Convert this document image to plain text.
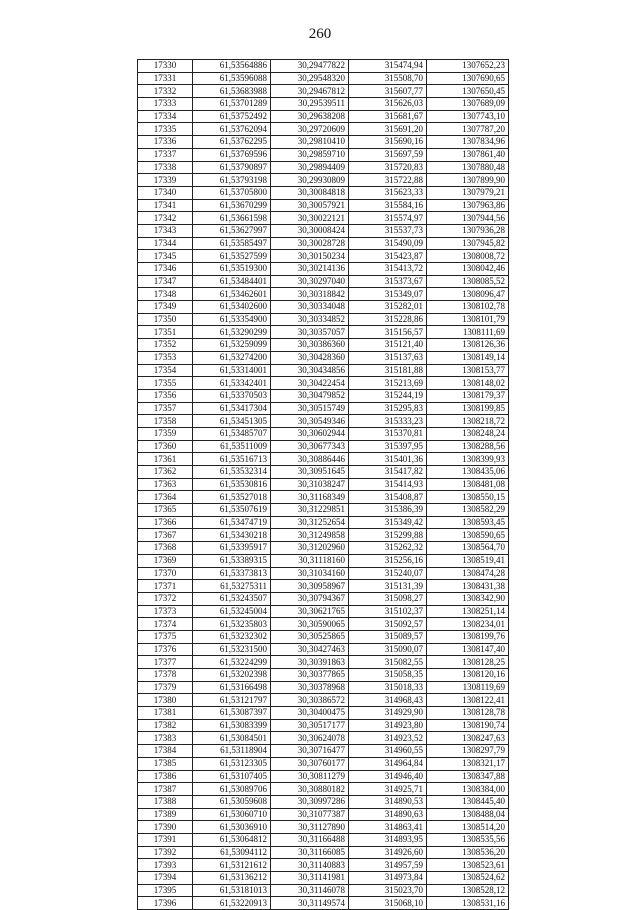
260
17330	61,53564886	30,29477822	315474,94	1307652,23
17331	61,53596088	30,29548320	315508,70	1307690,65
17332	61,53683988	30,29467812	315607,77	1307650,45
17333	61,53701289	30,29539511	315626,03	1307689,09
17334	61,53752492	30,29638208	315681,67	1307743,10
17335	61,53762094	30,29720609	315691,20	1307787,20
17336	61,53762295	30,29810410	315690,16	1307834,96
17337	61,53769596	30,29859710	315697,59	1307861,40
17338	61,53790897	30,29894409	315720,83	1307880,48
17339	61,53793198	30,29930809	315722,88	1307899,90
17340	61,53705800	30,30084818	315623,33	1307979,21
17341	61,53670299	30,30057921	315584,16	1307963,86
17342	61,53661598	30,30022121	315574,97	1307944,56
17343	61,53627997	30,30008424	315537,73	1307936,28
17344	61,53585497	30,30028728	315490,09	1307945,82
17345	61,53527599	30,30150234	315423,87	1308008,72
17346	61,53519300	30,30214136	315413,72	1308042,46
17347	61,53484401	30,30297040	315373,67	1308085,52
17348	61,53462601	30,30318842	315349,07	1308096,47
17349	61,53402600	30,30334048	315282,01	1308102,78
17350	61,53354900	30,30334852	315228,86	1308101,79
17351	61,53290299	30,30357057	315156,57	1308111,69
17352	61,53259099	30,30386360	315121,40	1308126,36
17353	61,53274200	30,30428360	315137,63	1308149,14
17354	61,53314001	30,30434856	315181,88	1308153,77
17355	61,53342401	30,30422454	315213,69	1308148,02
17356	61,53370503	30,30479852	315244,19	1308179,37
17357	61,53417304	30,30515749	315295,83	1308199,85
17358	61,53451305	30,30549346	315333,23	1308218,72
17359	61,53485707	30,30602944	315370,81	1308248,24
17360	61,53511009	30,30677343	315397,95	1308288,56
17361	61,53516713	30,30886446	315401,36	1308399,93
17362	61,53532314	30,30951645	315417,82	1308435,06
17363	61,53530816	30,31038247	315414,93	1308481,08
17364	61,53527018	30,31168349	315408,87	1308550,15
17365	61,53507619	30,31229851	315386,39	1308582,29
17366	61,53474719	30,31252654	315349,42	1308593,45
17367	61,53430218	30,31249858	315299,88	1308590,65
17368	61,53395917	30,31202960	315262,32	1308564,70
17369	61,53389315	30,31118160	315256,16	1308519,41
17370	61,53373813	30,31034160	315240,07	1308474,28
17371	61,53275311	30,30958967	315131,39	1308431,38
17372	61,53243507	30,30794367	315098,27	1308342,90
17373	61,53245004	30,30621765	315102,37	1308251,14
17374	61,53235803	30,30590065	315092,57	1308234,01
17375	61,53232302	30,30525865	315089,57	1308199,76
17376	61,53231500	30,30427463	315090,07	1308147,40
17377	61,53224299	30,30391863	315082,55	1308128,25
17378	61,53202398	30,30377865	315058,35	1308120,16
17379	61,53166498	30,30378968	315018,33	1308119,69
17380	61,53121797	30,30386572	314968,43	1308122,41
17381	61,53087397	30,30400475	314929,90	1308128,78
17382	61,53083399	30,30517177	314923,80	1308190,74
17383	61,53084501	30,30624078	314923,52	1308247,63
17384	61,53118904	30,30716477	314960,55	1308297,79
17385	61,53123305	30,30760177	314964,84	1308321,17
17386	61,53107405	30,30811279	314946,40	1308347,88
17387	61,53089706	30,30880182	314925,71	1308384,00
17388	61,53059608	30,30997286	314890,53	1308445,40
17389	61,53060710	30,31077387	314890,63	1308488,04
17390	61,53036910	30,31127890	314863,41	1308514,20
17391	61,53064812	30,31166488	314893,95	1308535,56
17392	61,53094112	30,31166085	314926,60	1308536,20
17393	61,53121612	30,31140883	314957,59	1308523,61
17394	61,53136212	30,31141981	314973,84	1308524,62
17395	61,53181013	30,31146078	315023,70	1308528,12
17396	61,53220913	30,31149574	315068,10	1308531,16
